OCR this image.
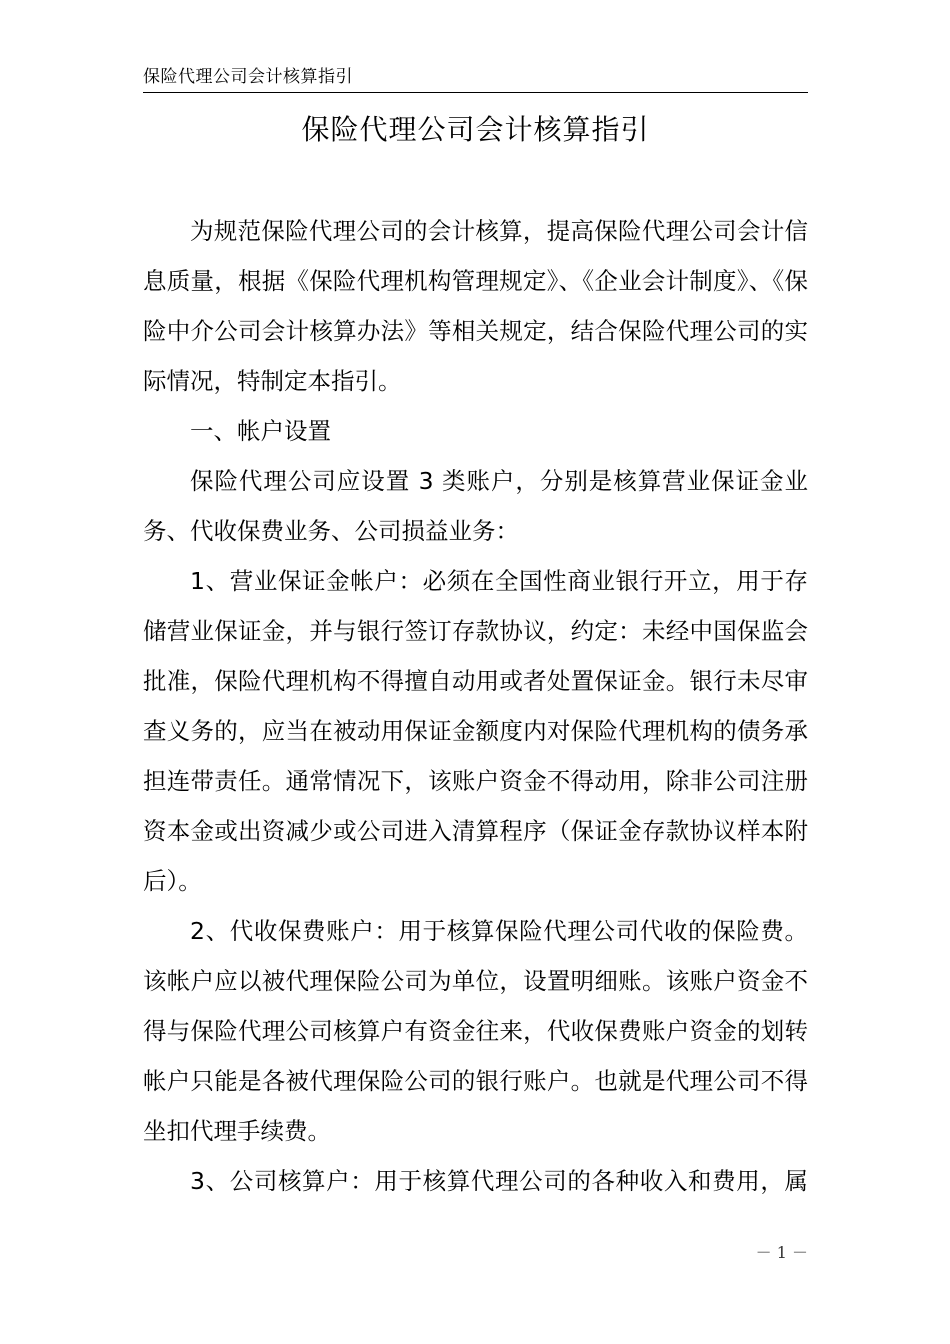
保险代理公司会计核算指引
保险代理公司会计核算指引

为规范保险代理公司的会计核算，提高保险代理公司会计信息质量，根据《保险代理机构管理规定》、《企业会计制度》、《保险中介公司会计核算办法》等相关规定，结合保险代理公司的实际情况，特制定本指引。

一、帐户设置

保险代理公司应设置 3 类账户，分别是核算营业保证金业务、代收保费业务、公司损益业务：

1、营业保证金帐户：必须在全国性商业银行开立，用于存储营业保证金，并与银行签订存款协议，约定：未经中国保监会批准，保险代理机构不得擅自动用或者处置保证金。银行未尽审查义务的，应当在被动用保证金额度内对保险代理机构的债务承担连带责任。通常情况下，该账户资金不得动用，除非公司注册资本金或出资减少或公司进入清算程序（保证金存款协议样本附后）。

2、代收保费账户：用于核算保险代理公司代收的保险费。该帐户应以被代理保险公司为单位，设置明细账。该账户资金不得与保险代理公司核算户有资金往来，代收保费账户资金的划转帐户只能是各被代理保险公司的银行账户。也就是代理公司不得坐扣代理手续费。

3、公司核算户：用于核算代理公司的各种收入和费用，属

－ 1 －
